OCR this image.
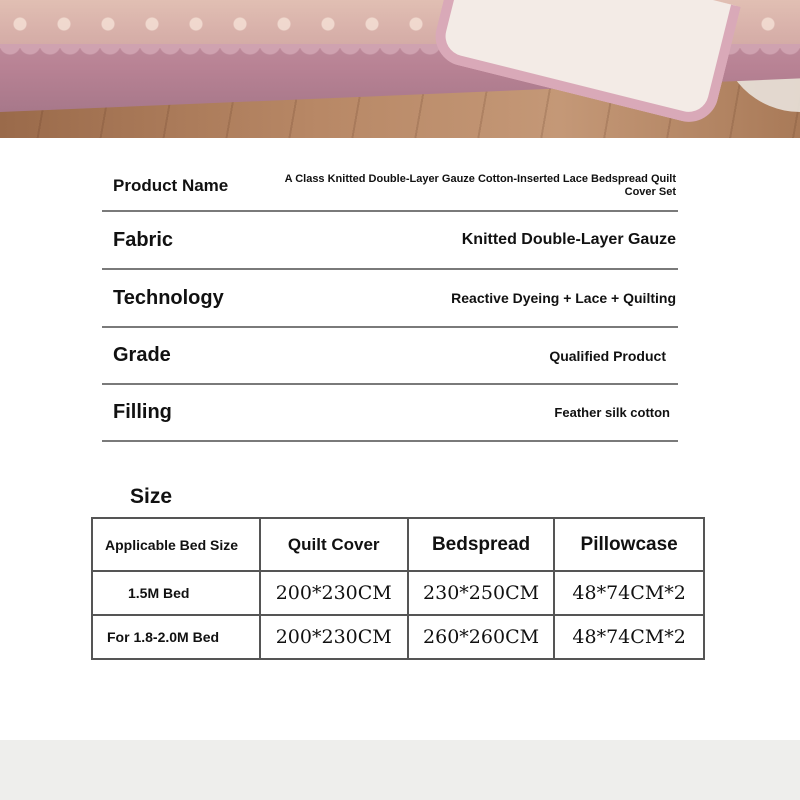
Product Name	A Class Knitted Double-Layer Gauze Cotton-Inserted Lace Bedspread Quilt Cover Set
Fabric	Knitted Double-Layer Gauze
Technology	Reactive Dyeing + Lace + Quilting
Grade	Qualified Product
Filling	Feather silk cotton
Size
Applicable Bed Size	Quilt Cover	Bedspread	Pillowcase
1.5M Bed	200*230CM	230*250CM	48*74CM*2
For 1.8-2.0M Bed	200*230CM	260*260CM	48*74CM*2
